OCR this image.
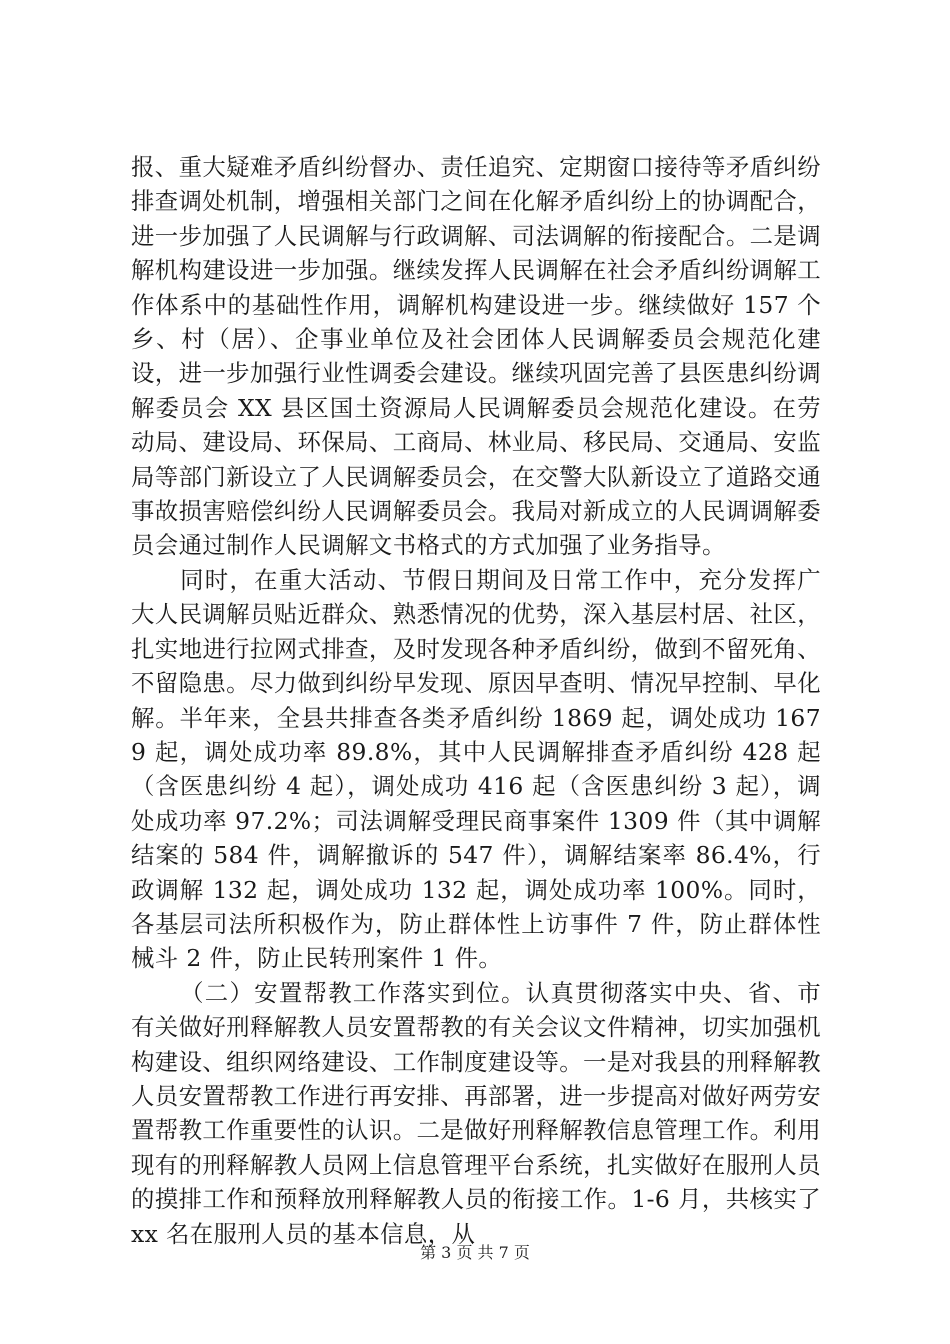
报、重大疑难矛盾纠纷督办、责任追究、定期窗口接待等矛盾纠纷排查调处机制，增强相关部门之间在化解矛盾纠纷上的协调配合，进一步加强了人民调解与行政调解、司法调解的衔接配合。二是调解机构建设进一步加强。继续发挥人民调解在社会矛盾纠纷调解工作体系中的基础性作用，调解机构建设进一步。继续做好 157 个乡、村（居）、企事业单位及社会团体人民调解委员会规范化建设，进一步加强行业性调委会建设。继续巩固完善了县医患纠纷调解委员会 XX 县区国土资源局人民调解委员会规范化建设。在劳动局、建设局、环保局、工商局、林业局、移民局、交通局、安监局等部门新设立了人民调解委员会，在交警大队新设立了道路交通事故损害赔偿纠纷人民调解委员会。我局对新成立的人民调调解委员会通过制作人民调解文书格式的方式加强了业务指导。

同时，在重大活动、节假日期间及日常工作中，充分发挥广大人民调解员贴近群众、熟悉情况的优势，深入基层村居、社区，扎实地进行拉网式排查，及时发现各种矛盾纠纷，做到不留死角、不留隐患。尽力做到纠纷早发现、原因早查明、情况早控制、早化解。半年来，全县共排查各类矛盾纠纷 1869 起，调处成功 1679 起，调处成功率 89.8%，其中人民调解排查矛盾纠纷 428 起（含医患纠纷 4 起），调处成功 416 起（含医患纠纷 3 起），调处成功率 97.2%；司法调解受理民商事案件 1309 件（其中调解结案的 584 件，调解撤诉的 547 件），调解结案率 86.4%，行政调解 132 起，调处成功 132 起，调处成功率 100%。同时，各基层司法所积极作为，防止群体性上访事件 7 件，防止群体性械斗 2 件，防止民转刑案件 1 件。

（二）安置帮教工作落实到位。认真贯彻落实中央、省、市有关做好刑释解教人员安置帮教的有关会议文件精神，切实加强机构建设、组织网络建设、工作制度建设等。一是对我县的刑释解教人员安置帮教工作进行再安排、再部署，进一步提高对做好两劳安置帮教工作重要性的认识。二是做好刑释解教信息管理工作。利用现有的刑释解教人员网上信息管理平台系统，扎实做好在服刑人员的摸排工作和预释放刑释解教人员的衔接工作。1-6 月，共核实了 xx 名在服刑人员的基本信息，从

第 3 页 共 7 页
